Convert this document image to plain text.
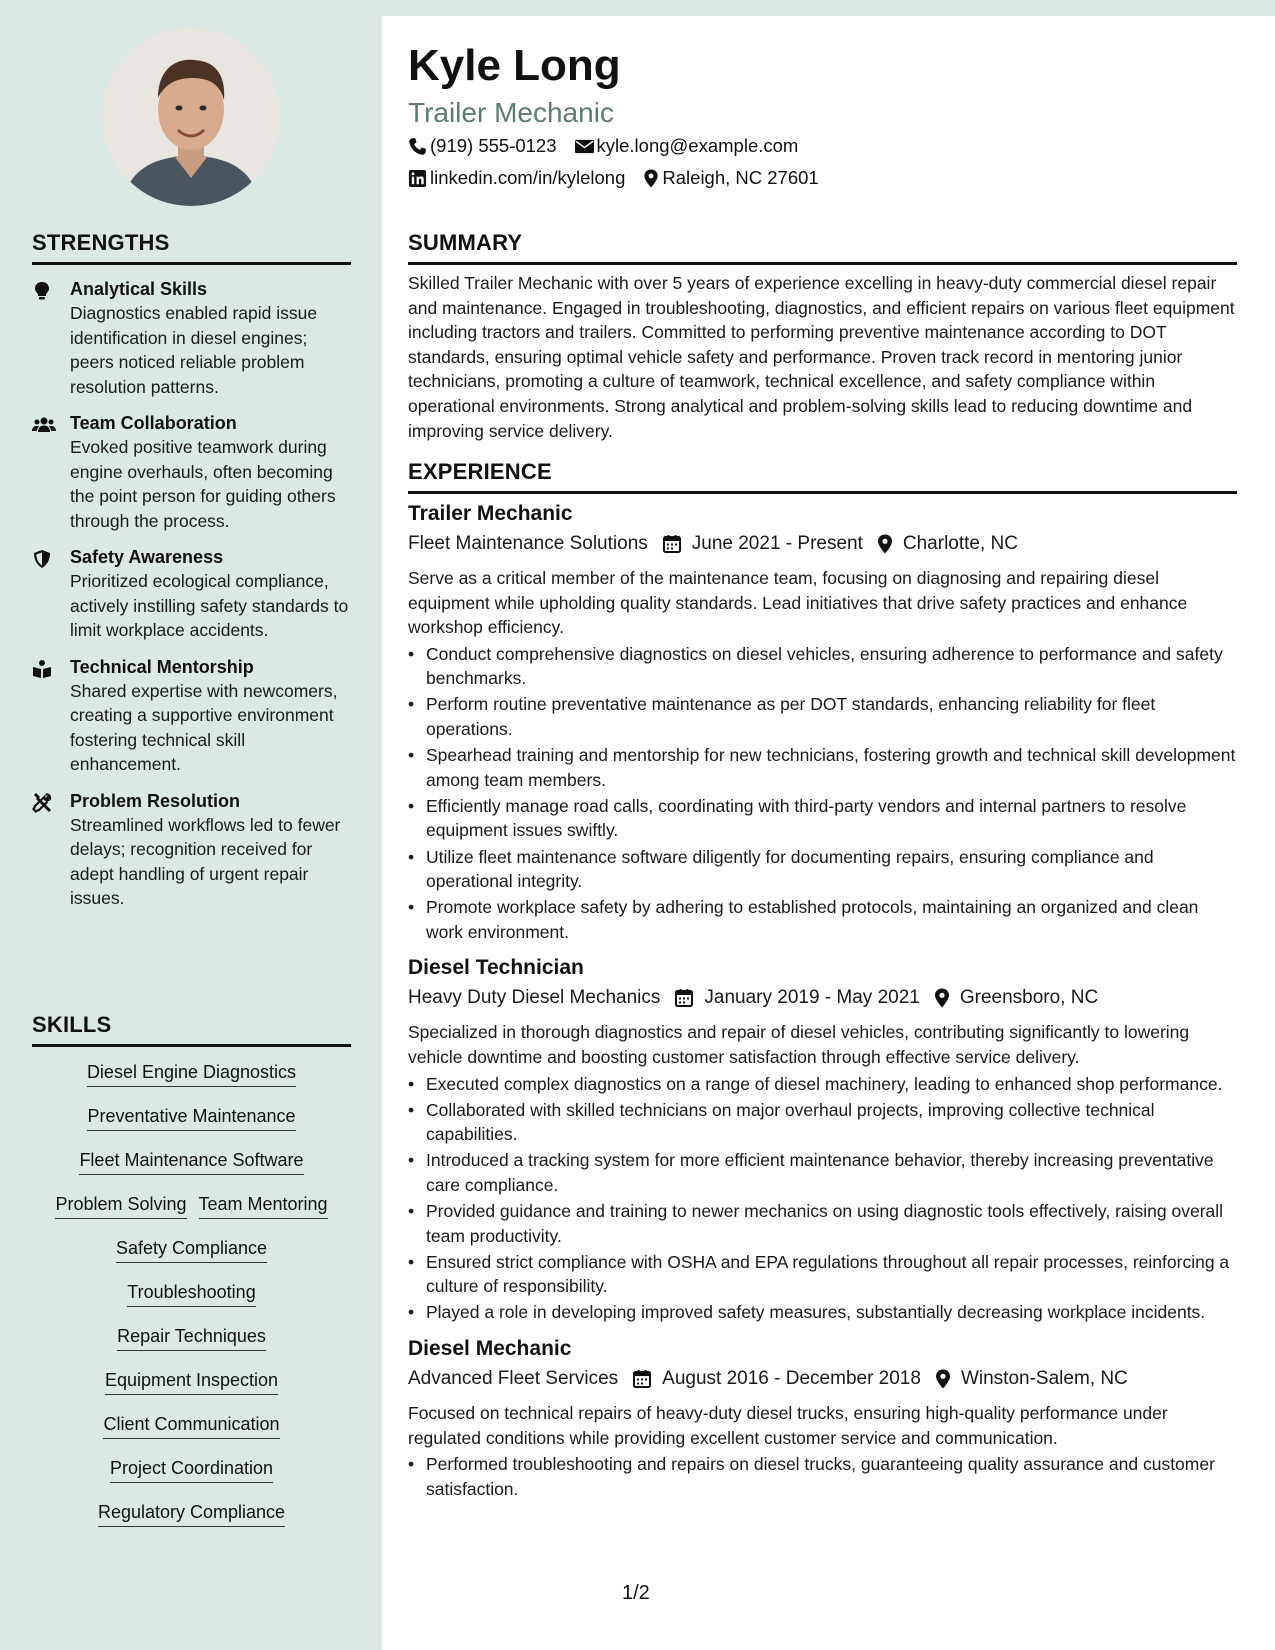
STRENGTHS
Analytical Skills
Diagnostics enabled rapid issue identification in diesel engines; peers noticed reliable problem resolution patterns.
Team Collaboration
Evoked positive teamwork during engine overhauls, often becoming the point person for guiding others through the process.
Safety Awareness
Prioritized ecological compliance, actively instilling safety standards to limit workplace accidents.
Technical Mentorship
Shared expertise with newcomers, creating a supportive environment fostering technical skill enhancement.
Problem Resolution
Streamlined workflows led to fewer delays; recognition received for adept handling of urgent repair issues.
SKILLS
Diesel Engine Diagnostics
Preventative Maintenance
Fleet Maintenance Software
Problem Solving Team Mentoring
Safety Compliance
Troubleshooting
Repair Techniques
Equipment Inspection
Client Communication
Project Coordination
Regulatory Compliance
Kyle Long
Trailer Mechanic
(919) 555-0123 kyle.long@example.com
linkedin.com/in/kylelong Raleigh, NC 27601
SUMMARY
Skilled Trailer Mechanic with over 5 years of experience excelling in heavy-duty commercial diesel repair and maintenance. Engaged in troubleshooting, diagnostics, and efficient repairs on various fleet equipment including tractors and trailers. Committed to performing preventive maintenance according to DOT standards, ensuring optimal vehicle safety and performance. Proven track record in mentoring junior technicians, promoting a culture of teamwork, technical excellence, and safety compliance within operational environments. Strong analytical and problem-solving skills lead to reducing downtime and improving service delivery.
EXPERIENCE
Trailer Mechanic
Fleet Maintenance Solutions June 2021 - Present Charlotte, NC
Serve as a critical member of the maintenance team, focusing on diagnosing and repairing diesel equipment while upholding quality standards. Lead initiatives that drive safety practices and enhance workshop efficiency.
• Conduct comprehensive diagnostics on diesel vehicles, ensuring adherence to performance and safety benchmarks.
• Perform routine preventative maintenance as per DOT standards, enhancing reliability for fleet operations.
• Spearhead training and mentorship for new technicians, fostering growth and technical skill development among team members.
• Efficiently manage road calls, coordinating with third-party vendors and internal partners to resolve equipment issues swiftly.
• Utilize fleet maintenance software diligently for documenting repairs, ensuring compliance and operational integrity.
• Promote workplace safety by adhering to established protocols, maintaining an organized and clean work environment.
Diesel Technician
Heavy Duty Diesel Mechanics January 2019 - May 2021 Greensboro, NC
Specialized in thorough diagnostics and repair of diesel vehicles, contributing significantly to lowering vehicle downtime and boosting customer satisfaction through effective service delivery.
• Executed complex diagnostics on a range of diesel machinery, leading to enhanced shop performance.
• Collaborated with skilled technicians on major overhaul projects, improving collective technical capabilities.
• Introduced a tracking system for more efficient maintenance behavior, thereby increasing preventative care compliance.
• Provided guidance and training to newer mechanics on using diagnostic tools effectively, raising overall team productivity.
• Ensured strict compliance with OSHA and EPA regulations throughout all repair processes, reinforcing a culture of responsibility.
• Played a role in developing improved safety measures, substantially decreasing workplace incidents.
Diesel Mechanic
Advanced Fleet Services August 2016 - December 2018 Winston-Salem, NC
Focused on technical repairs of heavy-duty diesel trucks, ensuring high-quality performance under regulated conditions while providing excellent customer service and communication.
• Performed troubleshooting and repairs on diesel trucks, guaranteeing quality assurance and customer satisfaction.
1/2
